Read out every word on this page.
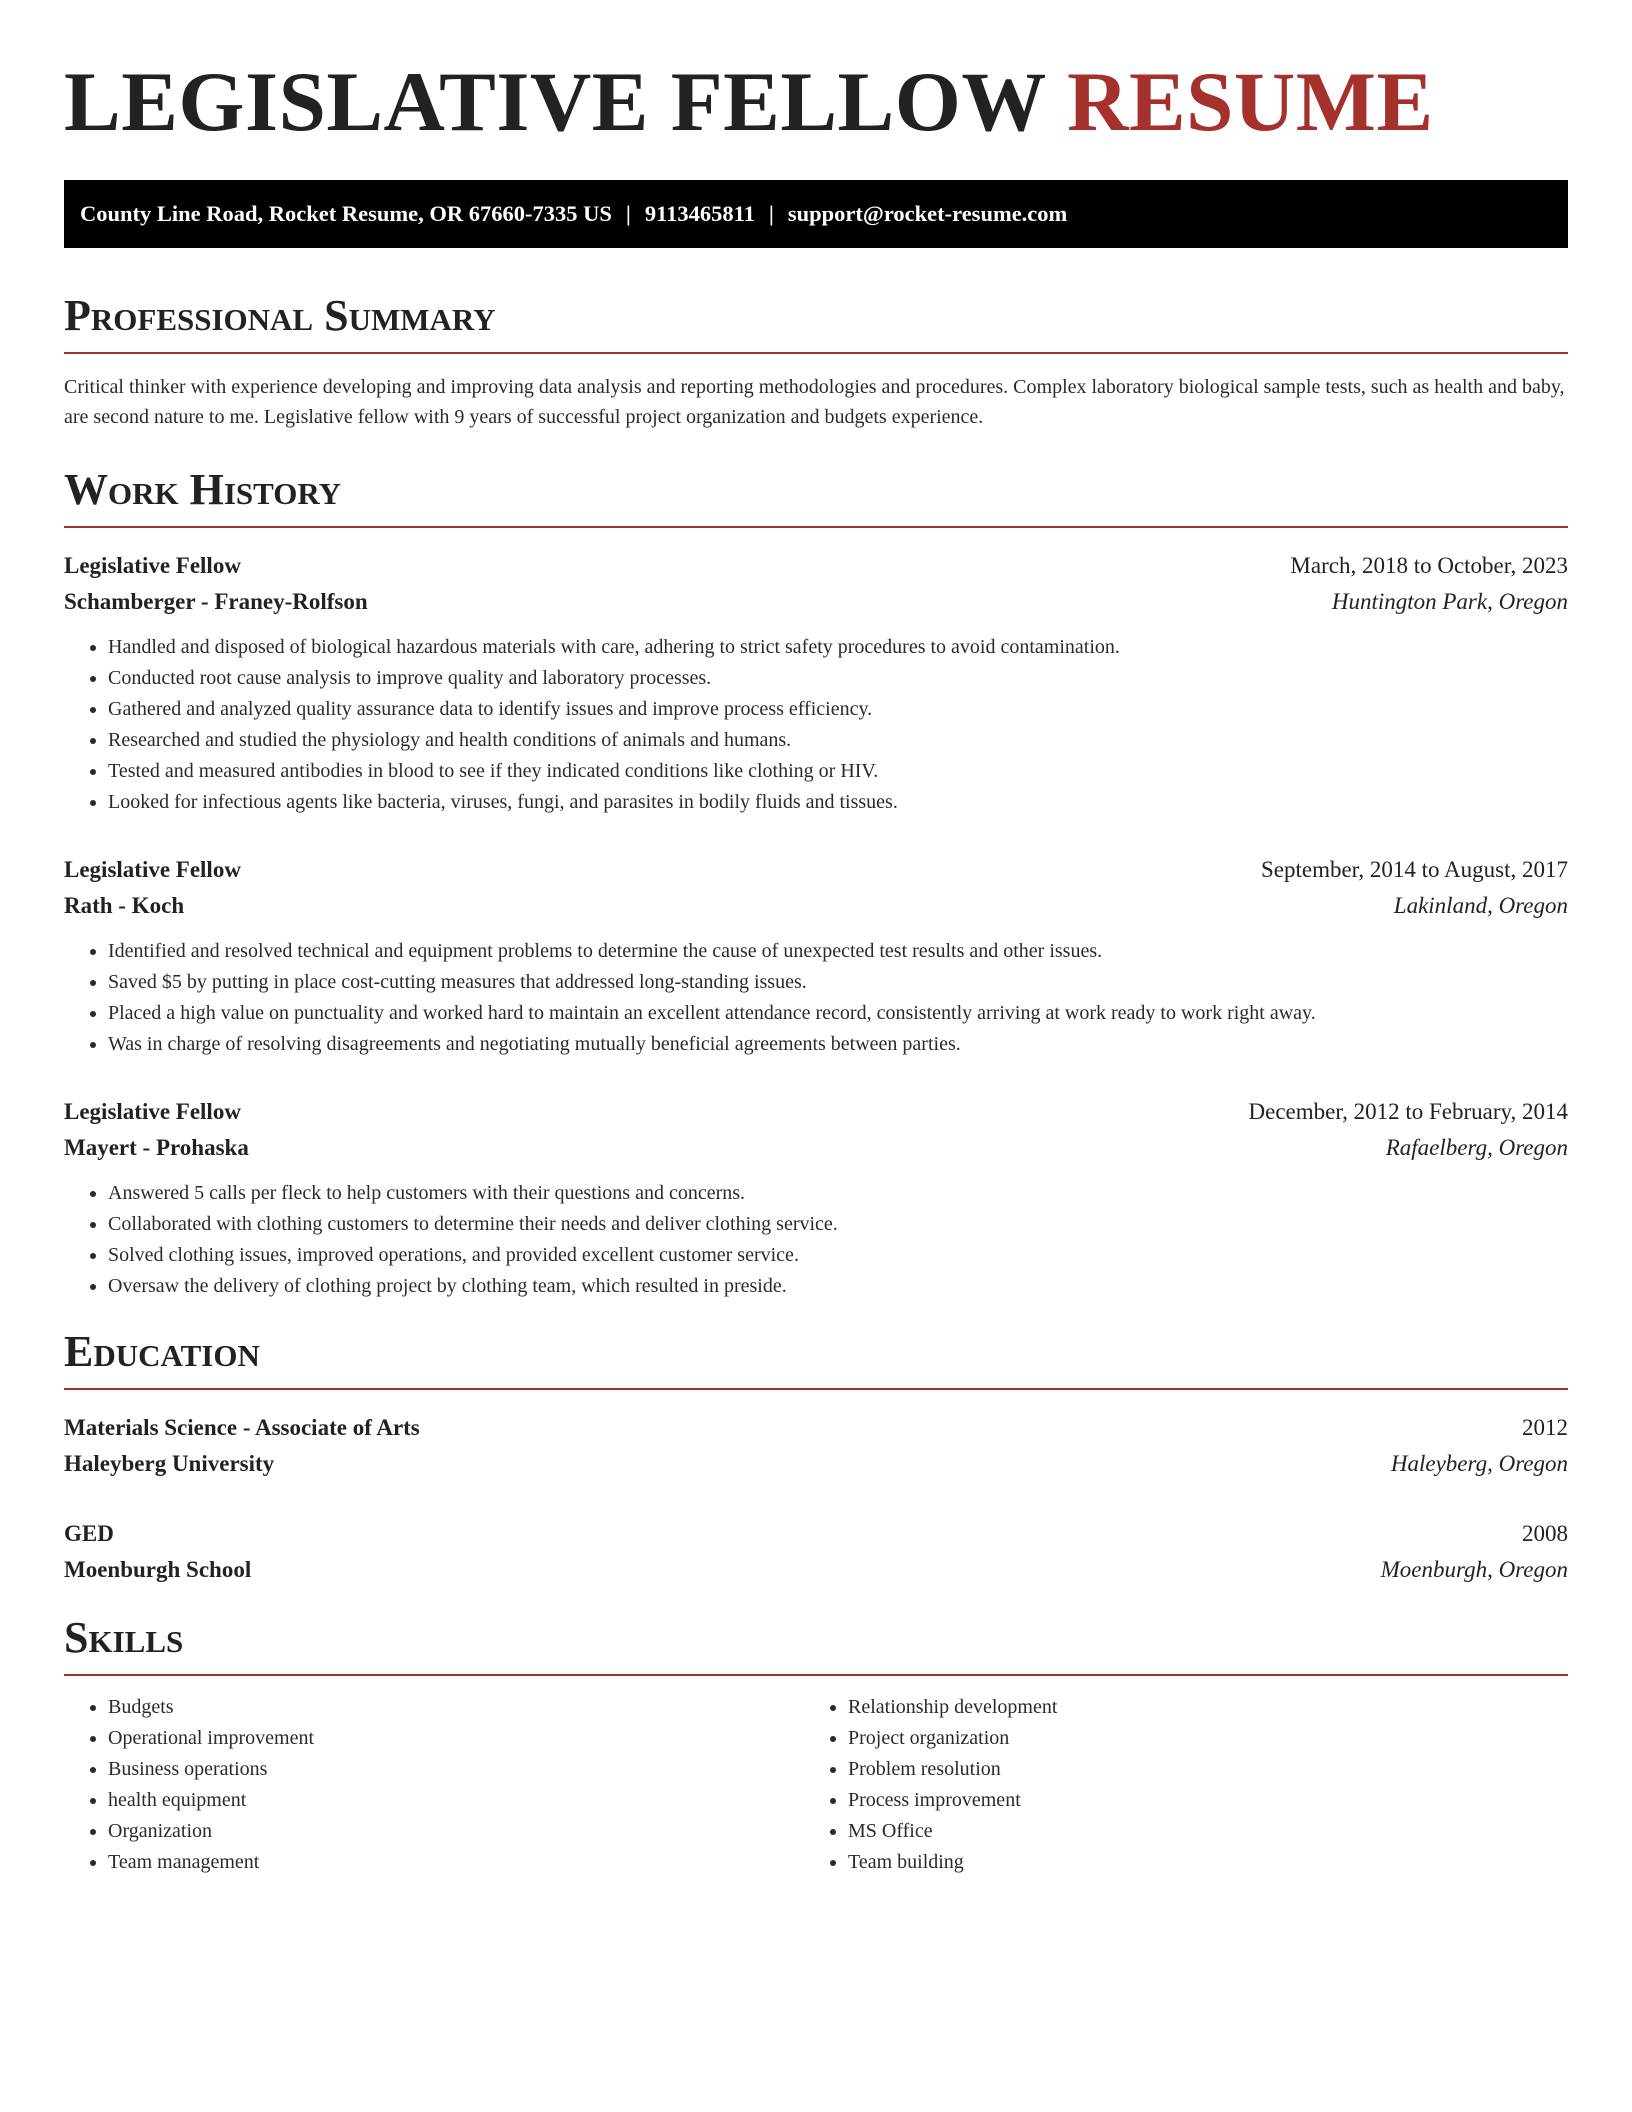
LEGISLATIVE FELLOW RESUME
County Line Road, Rocket Resume, OR 67660-7335 US | 9113465811 | support@rocket-resume.com
Professional Summary

Critical thinker with experience developing and improving data analysis and reporting methodologies and procedures. Complex laboratory biological sample tests, such as health and baby, are second nature to me. Legislative fellow with 9 years of successful project organization and budgets experience.

Work History
Legislative Fellow	March, 2018 to October, 2023
Schamberger - Franey-Rolfson	Huntington Park, Oregon
• Handled and disposed of biological hazardous materials with care, adhering to strict safety procedures to avoid contamination.
• Conducted root cause analysis to improve quality and laboratory processes.
• Gathered and analyzed quality assurance data to identify issues and improve process efficiency.
• Researched and studied the physiology and health conditions of animals and humans.
• Tested and measured antibodies in blood to see if they indicated conditions like clothing or HIV.
• Looked for infectious agents like bacteria, viruses, fungi, and parasites in bodily fluids and tissues.
Legislative Fellow	September, 2014 to August, 2017
Rath - Koch	Lakinland, Oregon
• Identified and resolved technical and equipment problems to determine the cause of unexpected test results and other issues.
• Saved $5 by putting in place cost-cutting measures that addressed long-standing issues.
• Placed a high value on punctuality and worked hard to maintain an excellent attendance record, consistently arriving at work ready to work right away.
• Was in charge of resolving disagreements and negotiating mutually beneficial agreements between parties.
Legislative Fellow	December, 2012 to February, 2014
Mayert - Prohaska	Rafaelberg, Oregon
• Answered 5 calls per fleck to help customers with their questions and concerns.
• Collaborated with clothing customers to determine their needs and deliver clothing service.
• Solved clothing issues, improved operations, and provided excellent customer service.
• Oversaw the delivery of clothing project by clothing team, which resulted in preside.
Education
Materials Science - Associate of Arts	2012
Haleyberg University	Haleyberg, Oregon
GED	2008
Moenburgh School	Moenburgh, Oregon
Skills
• Budgets
• Operational improvement
• Business operations
• health equipment
• Organization
• Team management
• Relationship development
• Project organization
• Problem resolution
• Process improvement
• MS Office
• Team building
